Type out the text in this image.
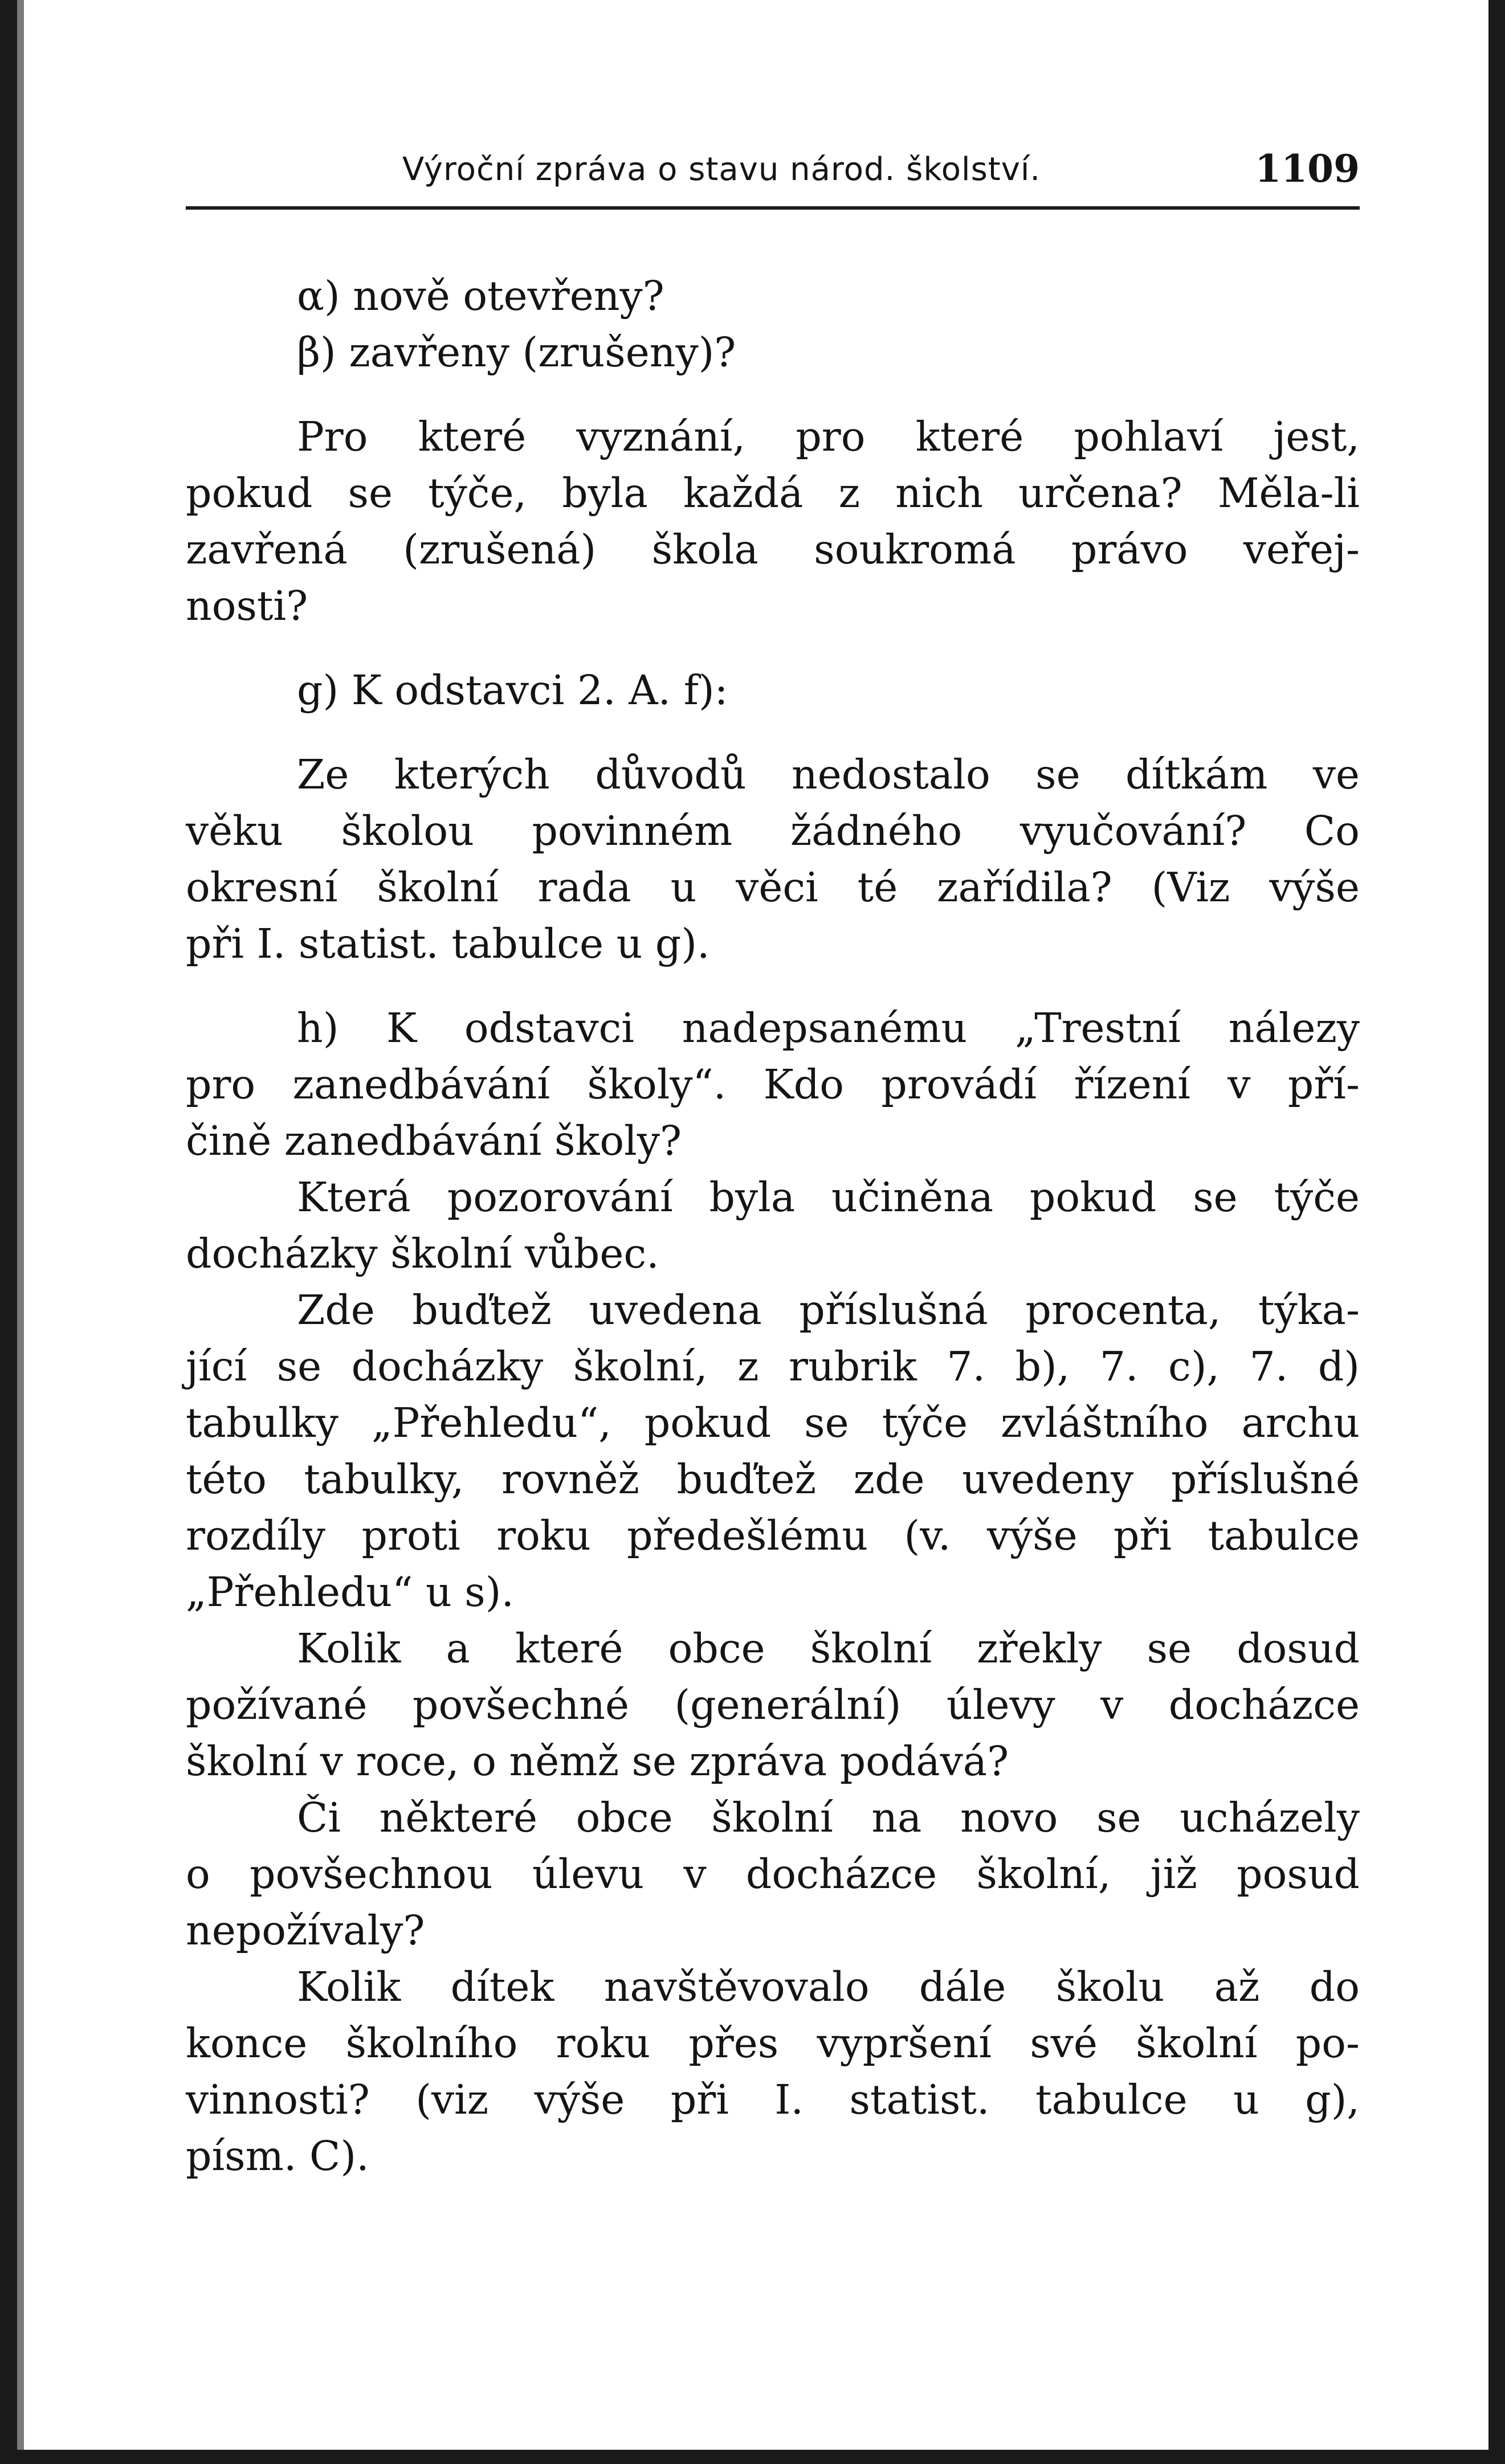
Výroční zpráva o stavu národ. školství.	1109
α) nově otevřeny?
β) zavřeny (zrušeny)?
Pro které vyznání, pro které pohlaví jest,
pokud se týče, byla každá z nich určena? Měla-li
zavřená (zrušená) škola soukromá právo veřej-
nosti?
g) K odstavci 2. A. f):
Ze kterých důvodů nedostalo se dítkám ve
věku školou povinném žádného vyučování? Co
okresní školní rada u věci té zařídila? (Viz výše
při I. statist. tabulce u g).
h) K odstavci nadepsanému „Trestní nálezy
pro zanedbávání školy“. Kdo provádí řízení v pří-
čině zanedbávání školy?
Která pozorování byla učiněna pokud se týče
docházky školní vůbec.
Zde buďtež uvedena příslušná procenta, týka-
jící se docházky školní, z rubrik 7. b), 7. c), 7. d)
tabulky „Přehledu“, pokud se týče zvláštního archu
této tabulky, rovněž buďtež zde uvedeny příslušné
rozdíly proti roku předešlému (v. výše při tabulce
„Přehledu“ u s).
Kolik a které obce školní zřekly se dosud
požívané povšechné (generální) úlevy v docházce
školní v roce, o němž se zpráva podává?
Či některé obce školní na novo se ucházely
o povšechnou úlevu v docházce školní, již posud
nepožívaly?
Kolik dítek navštěvovalo dále školu až do
konce školního roku přes vypršení své školní po-
vinnosti? (viz výše při I. statist. tabulce u g),
písm. C).
